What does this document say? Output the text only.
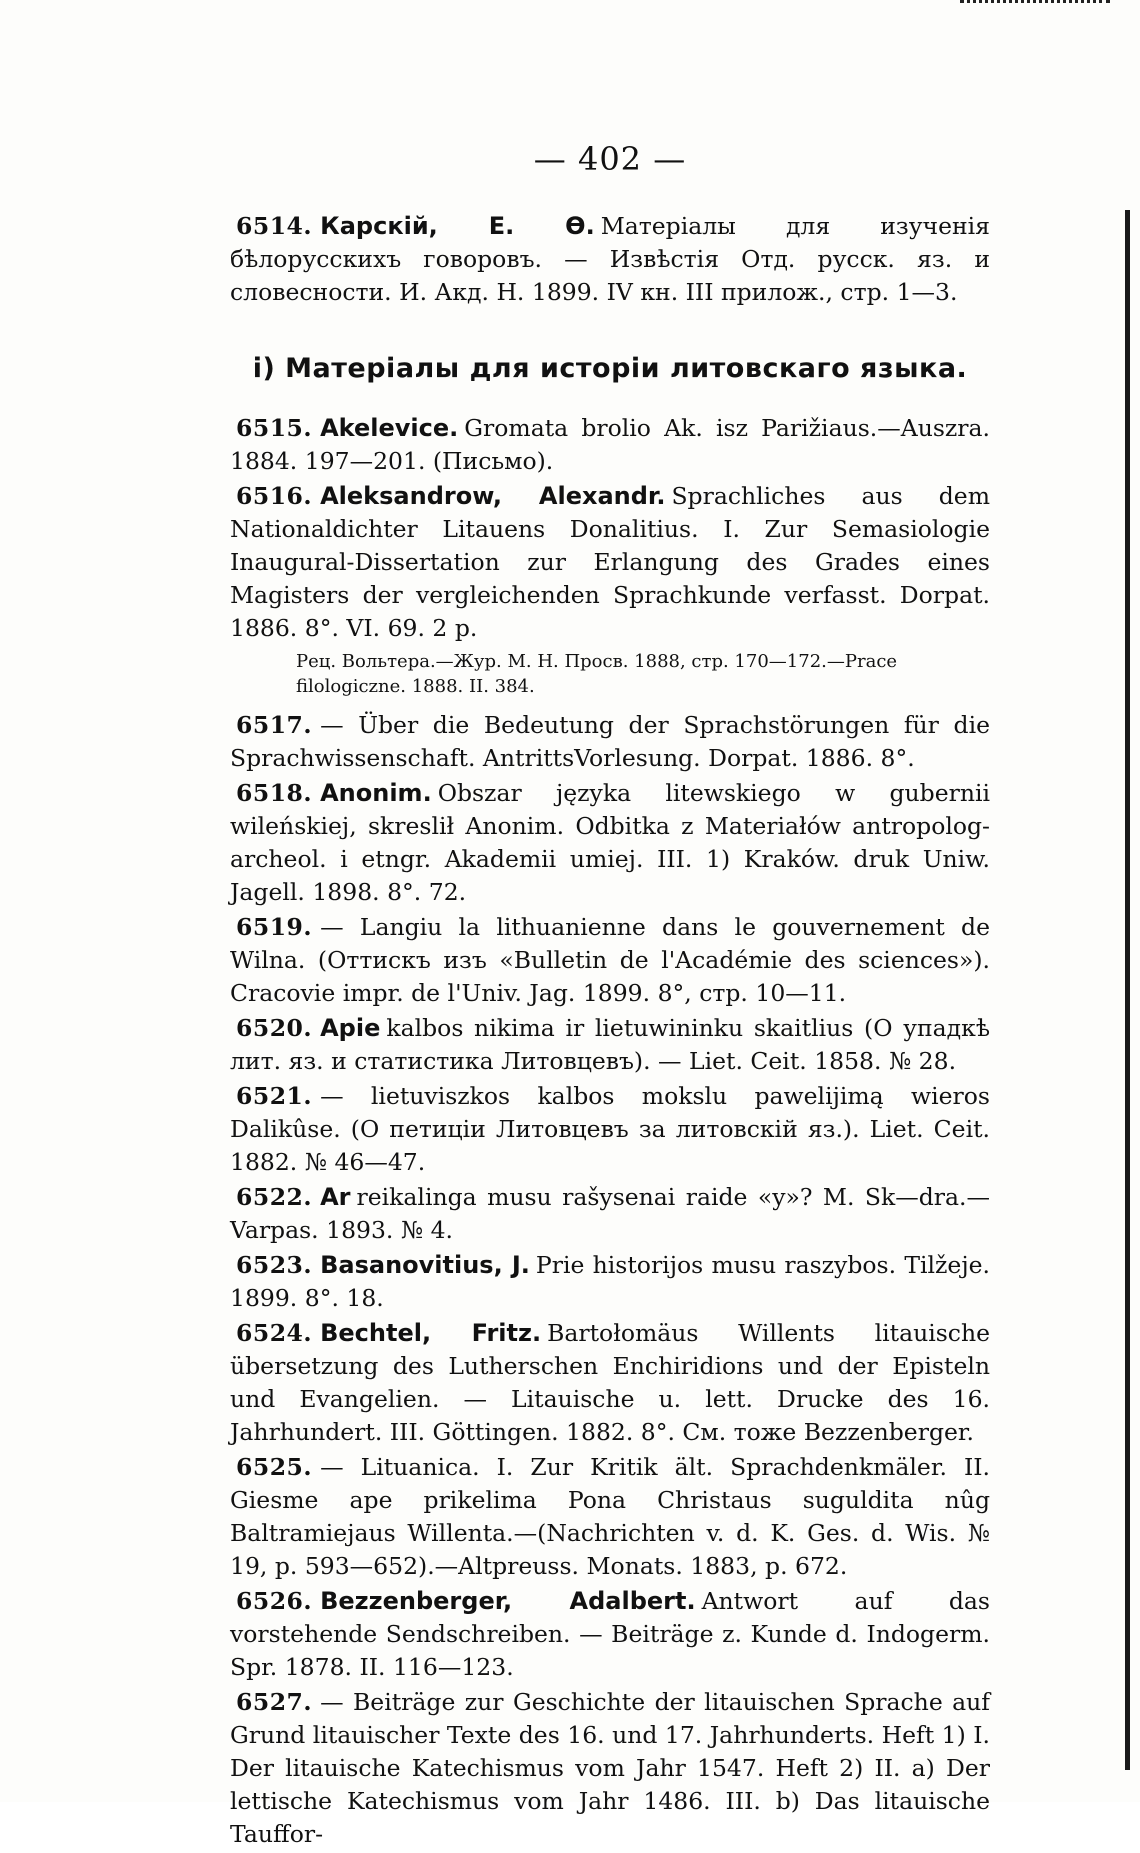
— 402 —

6514. Карскій, Е. Ѳ. Матеріалы для изученія бѣлорусскихъ говоровъ. — Извѣстія Отд. русск. яз. и словесности. И. Акд. Н. 1899. IV кн. III прилож., стр. 1—3.

i) Матеріалы для исторіи литовскаго языка.

6515. Akelevice. Gromata brolio Ak. isz Parižiaus.—Auszra. 1884. 197—201. (Письмо).

6516. Aleksandrow, Alexandr. Sprachliches aus dem Nationaldichter Litauens Donalitius. I. Zur Semasiologie Inaugural-Dissertation zur Erlangung des Grades eines Magisters der vergleichenden Sprachkunde verfasst. Dorpat. 1886. 8°. VI. 69. 2 p.

Рец. Вольтера.—Жур. М. Н. Просв. 1888, стр. 170—172.—Prace filologiczne. 1888. II. 384.

6517. — Über die Bedeutung der Sprachstörungen für die Sprachwissenschaft. AntrittsVorlesung. Dorpat. 1886. 8°.

6518. Anonim. Obszar języka litewskiego w gubernii wileńskiej, skreslił Anonim. Odbitka z Materiałów antropolog-archeol. i etngr. Akademii umiej. III. 1) Kraków. druk Uniw. Jagell. 1898. 8°. 72.

6519. — Langiu la lithuanienne dans le gouvernement de Wilna. (Оттискъ изъ «Bulletin de l'Académie des sciences»). Cracovie impr. de l'Univ. Jag. 1899. 8°, стр. 10—11.

6520. Apie kalbos nikima ir lietuwininku skaitlius (О упадкѣ лит. яз. и статистика Литовцевъ). — Liet. Ceit. 1858. № 28.

6521. — lietuviszkos kalbos mokslu pawelijimą wieros Dalikûse. (О петиціи Литовцевъ за литовскій яз.). Liet. Ceit. 1882. № 46—47.

6522. Ar reikalinga musu rašysenai raide «y»? M. Sk—dra.—Varpas. 1893. № 4.

6523. Basanovitius, J. Prie historijos musu raszybos. Tilžeje. 1899. 8°. 18.

6524. Bechtel, Fritz. Bartołomäus Willents litauische übersetzung des Lutherschen Enchiridions und der Episteln und Evangelien. — Litauische u. lett. Drucke des 16. Jahrhundert. III. Göttingen. 1882. 8°. См. тоже Bezzenberger.

6525. — Lituanica. I. Zur Kritik ält. Sprachdenkmäler. II. Giesme ape prikelima Pona Christaus suguldita nûg Baltramiejaus Willenta.—(Nachrichten v. d. K. Ges. d. Wis. № 19, p. 593—652).—Altpreuss. Monats. 1883, p. 672.

6526. Bezzenberger, Adalbert. Antwort auf das vorstehende Sendschreiben. — Beiträge z. Kunde d. Indogerm. Spr. 1878. II. 116—123.

6527. — Beiträge zur Geschichte der litauischen Sprache auf Grund litauischer Texte des 16. und 17. Jahrhunderts. Heft 1) I. Der litauische Katechismus vom Jahr 1547. Heft 2) II. a) Der lettische Katechismus vom Jahr 1486. III. b) Das litauische Tauffor-
